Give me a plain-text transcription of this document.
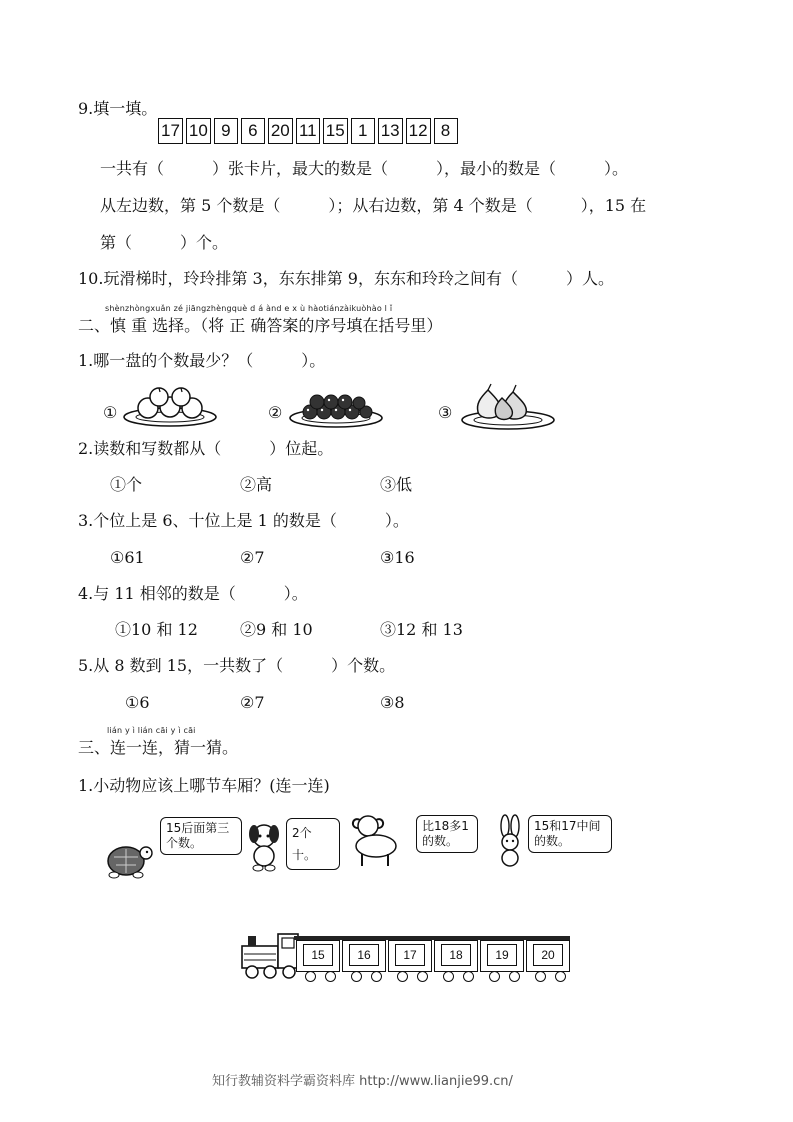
9.填一填。
17 10 9 6 20 11 15 1 13 12 8
一共有（　　　）张卡片，最大的数是（　　　），最小的数是（　　　）。
从左边数，第 5 个数是（　　　）；从右边数，第 4 个数是（　　　），15 在
第（　　　）个。
10.玩滑梯时，玲玲排第 3，东东排第 9，东东和玲玲之间有（　　　）人。
shènzhòngxuǎn zé jiāngzhèngquè d á ànd e x ù hàotiánzàikuòhào l ǐ
二、慎 重 选择。（将 正 确答案的序号填在括号里）
1.哪一盘的个数最少？（　　　）。
①	②	③
2.读数和写数都从（　　　）位起。
①个	②高	③低
3.个位上是 6、十位上是 1 的数是（　　　）。
①61	②7	③16
4.与 11 相邻的数是（　　　）。
①10 和 12	②9 和 10	③12 和 13
5.从 8 数到 15，一共数了（　　　）个数。
①6	②7	③8
lián y ì lián cāi y ì cāi
三、连一连，猜一猜。
1.小动物应该上哪节车厢？(连一连)
15后面第三个数。
2个十。
比18多1的数。
15和17中间的数。
15	16	17	18	19	20
知行教辅资料学霸资料库 http://www.lianjie99.cn/
